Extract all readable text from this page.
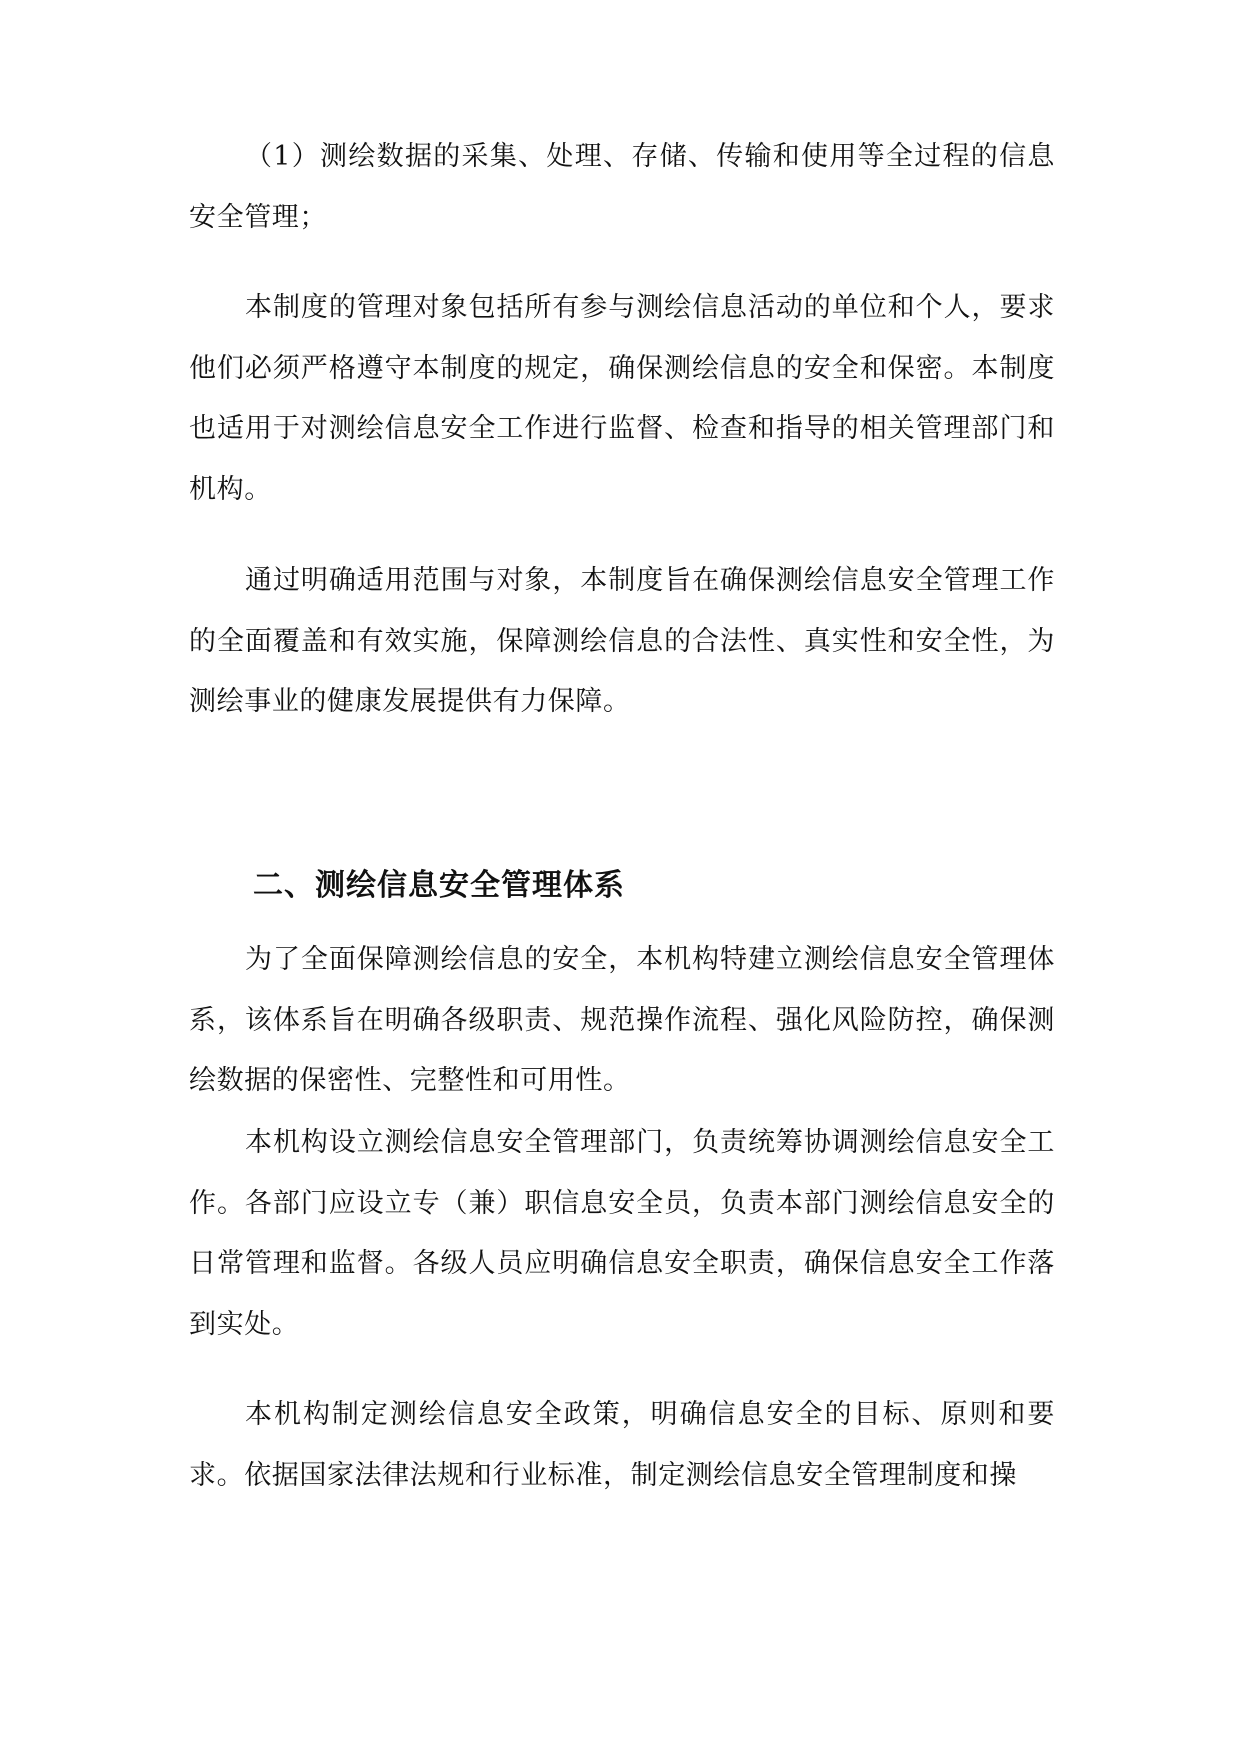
（1）测绘数据的采集、处理、存储、传输和使用等全过程的信息安全管理；

本制度的管理对象包括所有参与测绘信息活动的单位和个人，要求他们必须严格遵守本制度的规定，确保测绘信息的安全和保密。本制度也适用于对测绘信息安全工作进行监督、检查和指导的相关管理部门和机构。

通过明确适用范围与对象，本制度旨在确保测绘信息安全管理工作的全面覆盖和有效实施，保障测绘信息的合法性、真实性和安全性，为测绘事业的健康发展提供有力保障。

二、测绘信息安全管理体系

为了全面保障测绘信息的安全，本机构特建立测绘信息安全管理体系，该体系旨在明确各级职责、规范操作流程、强化风险防控，确保测绘数据的保密性、完整性和可用性。

本机构设立测绘信息安全管理部门，负责统筹协调测绘信息安全工作。各部门应设立专（兼）职信息安全员，负责本部门测绘信息安全的日常管理和监督。各级人员应明确信息安全职责，确保信息安全工作落到实处。

本机构制定测绘信息安全政策，明确信息安全的目标、原则和要求。依据国家法律法规和行业标准，制定测绘信息安全管理制度和操
